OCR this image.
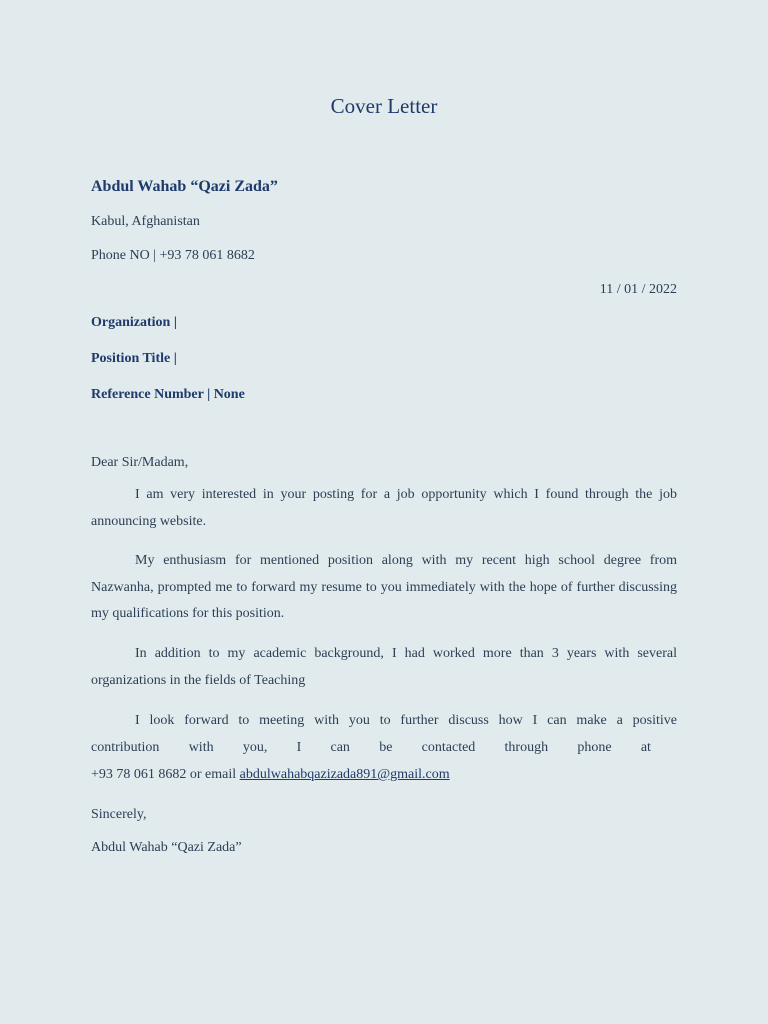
Cover Letter
Abdul Wahab “Qazi Zada”
Kabul, Afghanistan
Phone NO | +93 78 061 8682
11 / 01 / 2022
Organization |
Position Title |
Reference Number | None
Dear Sir/Madam,

I am very interested in your posting for a job opportunity which I found through the job announcing website.

My enthusiasm for mentioned position along with my recent high school degree from Nazwanha, prompted me to forward my resume to you immediately with the hope of further discussing my qualifications for this position.

In addition to my academic background, I had worked more than 3 years with several organizations in the fields of Teaching

I look forward to meeting with you to further discuss how I can make a positive
contribution with you, I can be contacted through phone at
+93 78 061 8682 or email abdulwahabqazizada891@gmail.com
Sincerely,
Abdul Wahab “Qazi Zada”
